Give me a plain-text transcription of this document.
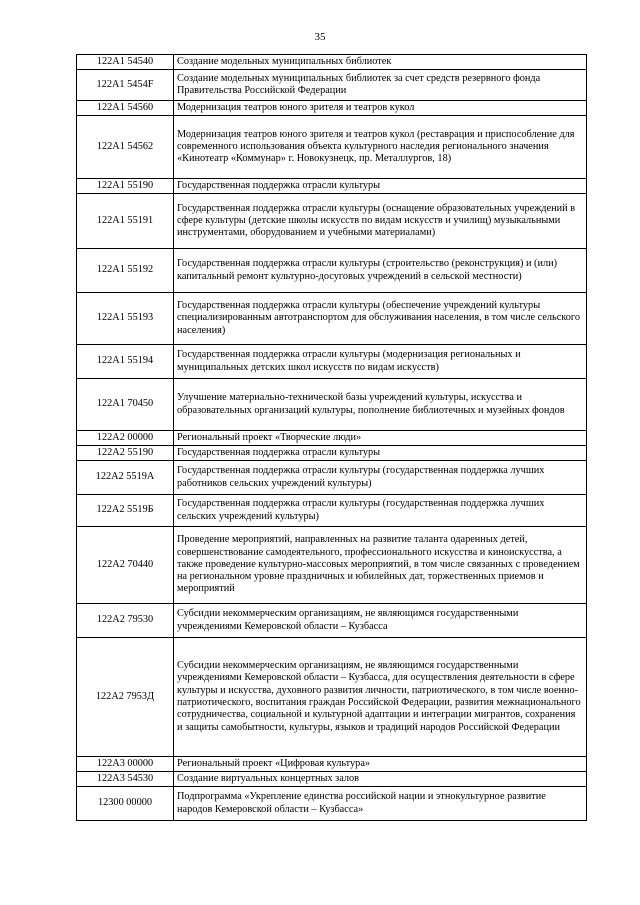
35
122А1 54540	Создание модельных муниципальных библиотек
122А1 5454F	Создание модельных муниципальных библиотек за счет средств резервного фонда Правительства Российской Федерации
122А1 54560	Модернизация театров юного зрителя и театров кукол
122А1 54562	Модернизация театров юного зрителя и театров кукол (реставрация и приспособление для современного использования объекта культурного наследия регионального значения «Кинотеатр «Коммунар» г. Новокузнецк, пр. Металлургов, 18)
122А1 55190	Государственная поддержка отрасли культуры
122А1 55191	Государственная поддержка отрасли культуры (оснащение образовательных учреждений в сфере культуры (детские школы искусств по видам искусств и училищ) музыкальными инструментами, оборудованием и учебными материалами)
122А1 55192	Государственная поддержка отрасли культуры (строительство (реконструкция) и (или) капитальный ремонт культурно-досуговых учреждений в сельской местности)
122А1 55193	Государственная поддержка отрасли культуры (обеспечение учреждений культуры специализированным автотранспортом для обслуживания населения, в том числе сельского населения)
122А1 55194	Государственная поддержка отрасли культуры (модернизация региональных и муниципальных детских школ искусств по видам искусств)
122А1 70450	Улучшение материально-технической базы учреждений культуры, искусства и образовательных организаций культуры, пополнение библиотечных и музейных фондов
122А2 00000	Региональный проект «Творческие люди»
122А2 55190	Государственная поддержка отрасли культуры
122А2 5519А	Государственная поддержка отрасли культуры (государственная поддержка лучших работников сельских учреждений культуры)
122А2 5519Б	Государственная поддержка отрасли культуры (государственная поддержка лучших сельских учреждений культуры)
122А2 70440	Проведение мероприятий, направленных на развитие таланта одаренных детей, совершенствование самодеятельного, профессионального искусства и киноискусства, а также проведение культурно-массовых мероприятий, в том числе связанных с проведением на региональном уровне праздничных и юбилейных дат, торжественных приемов и мероприятий
122А2 79530	Субсидии некоммерческим организациям, не являющимся государственными учреждениями Кемеровской области – Кузбасса
122А2 7953Д	Субсидии некоммерческим организациям, не являющимся государственными учреждениями Кемеровской области – Кузбасса, для осуществления деятельности в сфере культуры и искусства, духовного развития личности, патриотического, в том числе военно-патриотического, воспитания граждан Российской Федерации, развития межнационального сотрудничества, социальной и культурной адаптации и интеграции мигрантов, сохранения и защиты самобытности, культуры, языков и традиций народов Российской Федерации
122А3 00000	Региональный проект «Цифровая культура»
122А3 54530	Создание виртуальных концертных залов
12300 00000	Подпрограмма «Укрепление единства российской нации и этнокультурное развитие народов Кемеровской области – Кузбасса»
